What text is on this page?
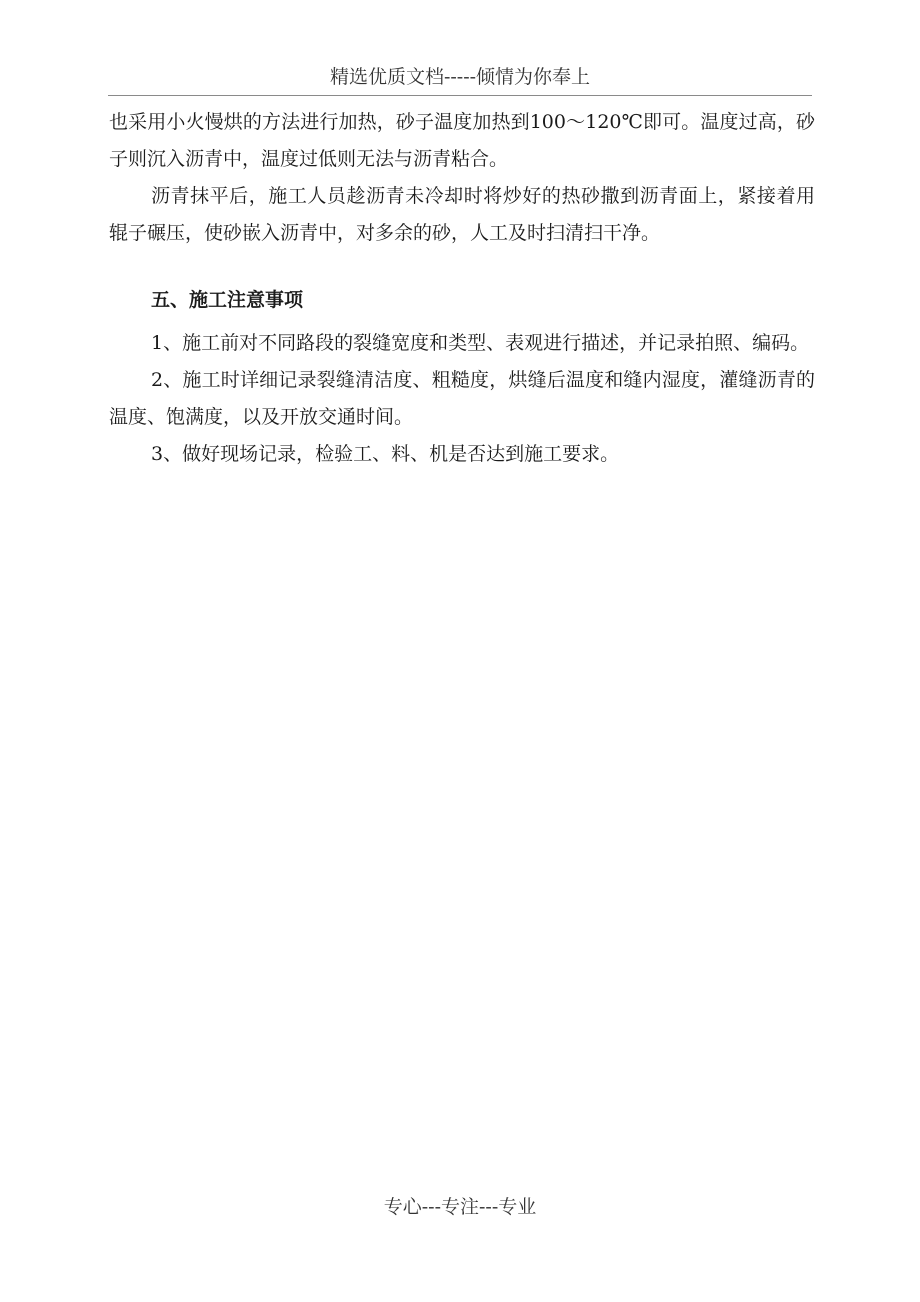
精选优质文档-----倾情为你奉上

也采用小火慢烘的方法进行加热，砂子温度加热到100～120℃即可。温度过高，砂子则沉入沥青中，温度过低则无法与沥青粘合。

沥青抹平后，施工人员趁沥青未冷却时将炒好的热砂撒到沥青面上，紧接着用辊子碾压，使砂嵌入沥青中，对多余的砂，人工及时扫清扫干净。

五、施工注意事项

1、施工前对不同路段的裂缝宽度和类型、表观进行描述，并记录拍照、编码。

2、施工时详细记录裂缝清洁度、粗糙度，烘缝后温度和缝内湿度，灌缝沥青的温度、饱满度，以及开放交通时间。

3、做好现场记录，检验工、料、机是否达到施工要求。

专心---专注---专业
